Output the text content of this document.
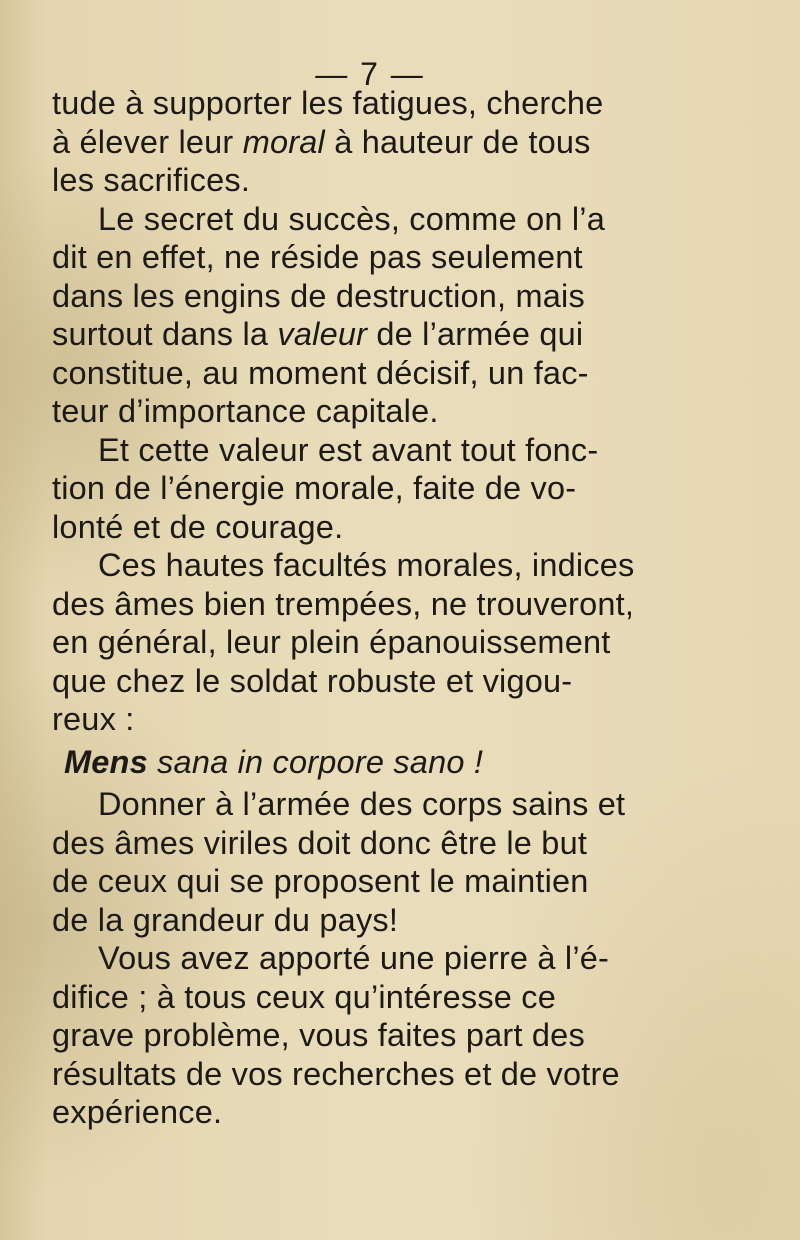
— 7 —
tude à supporter les fatigues, cherche
à élever leur moral à hauteur de tous
les sacrifices.
Le secret du succès, comme on l’a
dit en effet, ne réside pas seulement
dans les engins de destruction, mais
surtout dans la valeur de l’armée qui
constitue, au moment décisif, un fac-
teur d’importance capitale.
Et cette valeur est avant tout fonc-
tion de l’énergie morale, faite de vo-
lonté et de courage.
Ces hautes facultés morales, indices
des âmes bien trempées, ne trouveront,
en général, leur plein épanouissement
que chez le soldat robuste et vigou-
reux :
Mens sana in corpore sano !
Donner à l’armée des corps sains et
des âmes viriles doit donc être le but
de ceux qui se proposent le maintien
de la grandeur du pays!
Vous avez apporté une pierre à l’é-
difice ; à tous ceux qu’intéresse ce
grave problème, vous faites part des
résultats de vos recherches et de votre
expérience.
